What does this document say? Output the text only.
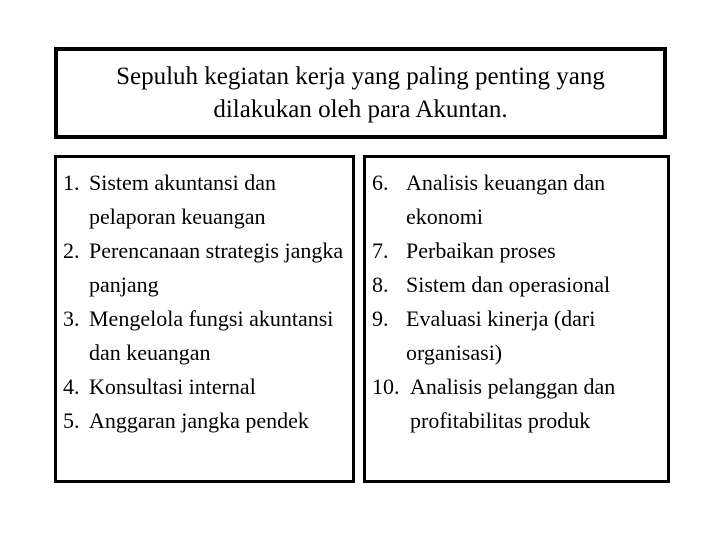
Sepuluh kegiatan kerja yang paling penting yang dilakukan oleh para Akuntan.

1. Sistem akuntansi dan pelaporan keuangan
2. Perencanaan strategis jangka panjang
3. Mengelola fungsi akuntansi dan keuangan
4. Konsultasi internal
5. Anggaran jangka pendek
6. Analisis keuangan dan ekonomi
7. Perbaikan proses
8. Sistem dan operasional
9. Evaluasi kinerja (dari organisasi)
10. Analisis pelanggan dan profitabilitas produk
